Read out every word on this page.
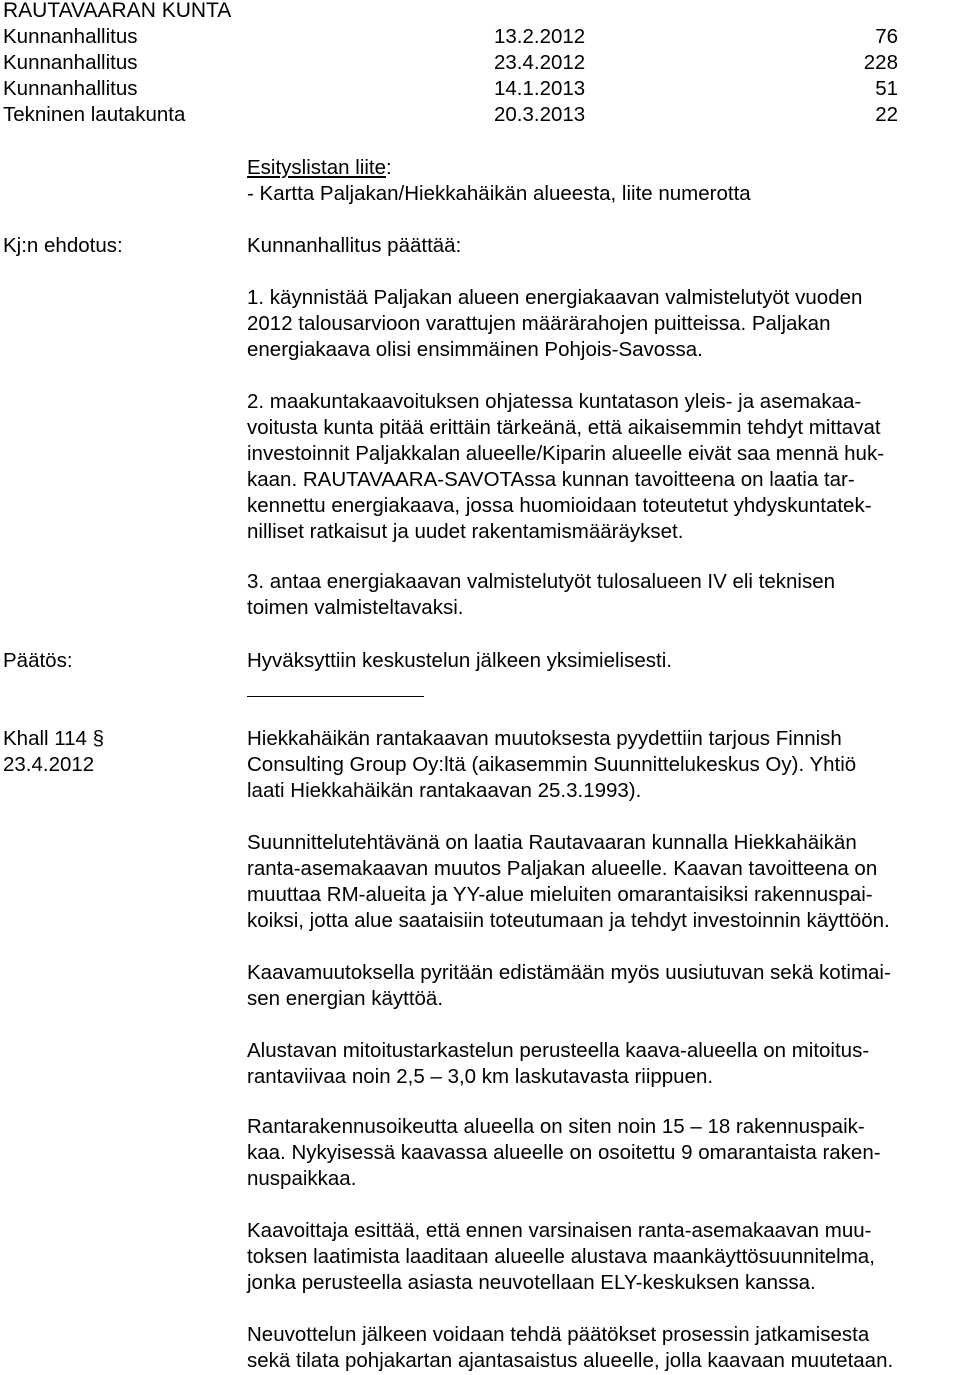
RAUTAVAARAN KUNTA
Kunnanhallitus	13.2.2012	76
Kunnanhallitus	23.4.2012	228
Kunnanhallitus	14.1.2013	51
Tekninen lautakunta	20.3.2013	22
Esityslistan liite:
- Kartta Paljakan/Hiekkahäikän alueesta, liite numerotta
Kj:n ehdotus:	Kunnanhallitus päättää:

1. käynnistää Paljakan alueen energiakaavan valmistelutyöt vuoden

2012 talousarvioon varattujen määrärahojen puitteissa. Paljakan

energiakaava olisi ensimmäinen Pohjois-Savossa.

2. maakuntakaavoituksen ohjatessa kuntatason yleis- ja asemakaa-

voitusta kunta pitää erittäin tärkeänä, että aikaisemmin tehdyt mittavat

investoinnit Paljakkalan alueelle/Kiparin alueelle eivät saa mennä huk-

kaan. RAUTAVAARA-SAVOTAssa kunnan tavoitteena on laatia tar-

kennettu energiakaava, jossa huomioidaan toteutetut yhdyskuntatek-

nilliset ratkaisut ja uudet rakentamismääräykset.

3. antaa energiakaavan valmistelutyöt tulosalueen IV eli teknisen

toimen valmisteltavaksi.

Päätös:	Hyväksyttiin keskustelun jälkeen yksimielisesti.
Khall 114 §
23.4.2012

Hiekkahäikän rantakaavan muutoksesta pyydettiin tarjous Finnish

Consulting Group Oy:ltä (aikasemmin Suunnittelukeskus Oy). Yhtiö

laati Hiekkahäikän rantakaavan 25.3.1993).

Suunnittelutehtävänä on laatia Rautavaaran kunnalla Hiekkahäikän

ranta-asemakaavan muutos Paljakan alueelle. Kaavan tavoitteena on

muuttaa RM-alueita ja YY-alue mieluiten omarantaisiksi rakennuspai-

koiksi, jotta alue saataisiin toteutumaan ja tehdyt investoinnin käyttöön.

Kaavamuutoksella pyritään edistämään myös uusiutuvan sekä kotimai-

sen energian käyttöä.

Alustavan mitoitustarkastelun perusteella kaava-alueella on mitoitus-

rantaviivaa noin 2,5 – 3,0 km laskutavasta riippuen.

Rantarakennusoikeutta alueella on siten noin 15 – 18 rakennuspaik-

kaa. Nykyisessä kaavassa alueelle on osoitettu 9 omarantaista raken-

nuspaikkaa.

Kaavoittaja esittää, että ennen varsinaisen ranta-asemakaavan muu-

toksen laatimista laaditaan alueelle alustava maankäyttösuunnitelma,

jonka perusteella asiasta neuvotellaan ELY-keskuksen kanssa.

Neuvottelun jälkeen voidaan tehdä päätökset prosessin jatkamisesta

sekä tilata pohjakartan ajantasaistus alueelle, jolla kaavaan muutetaan.
